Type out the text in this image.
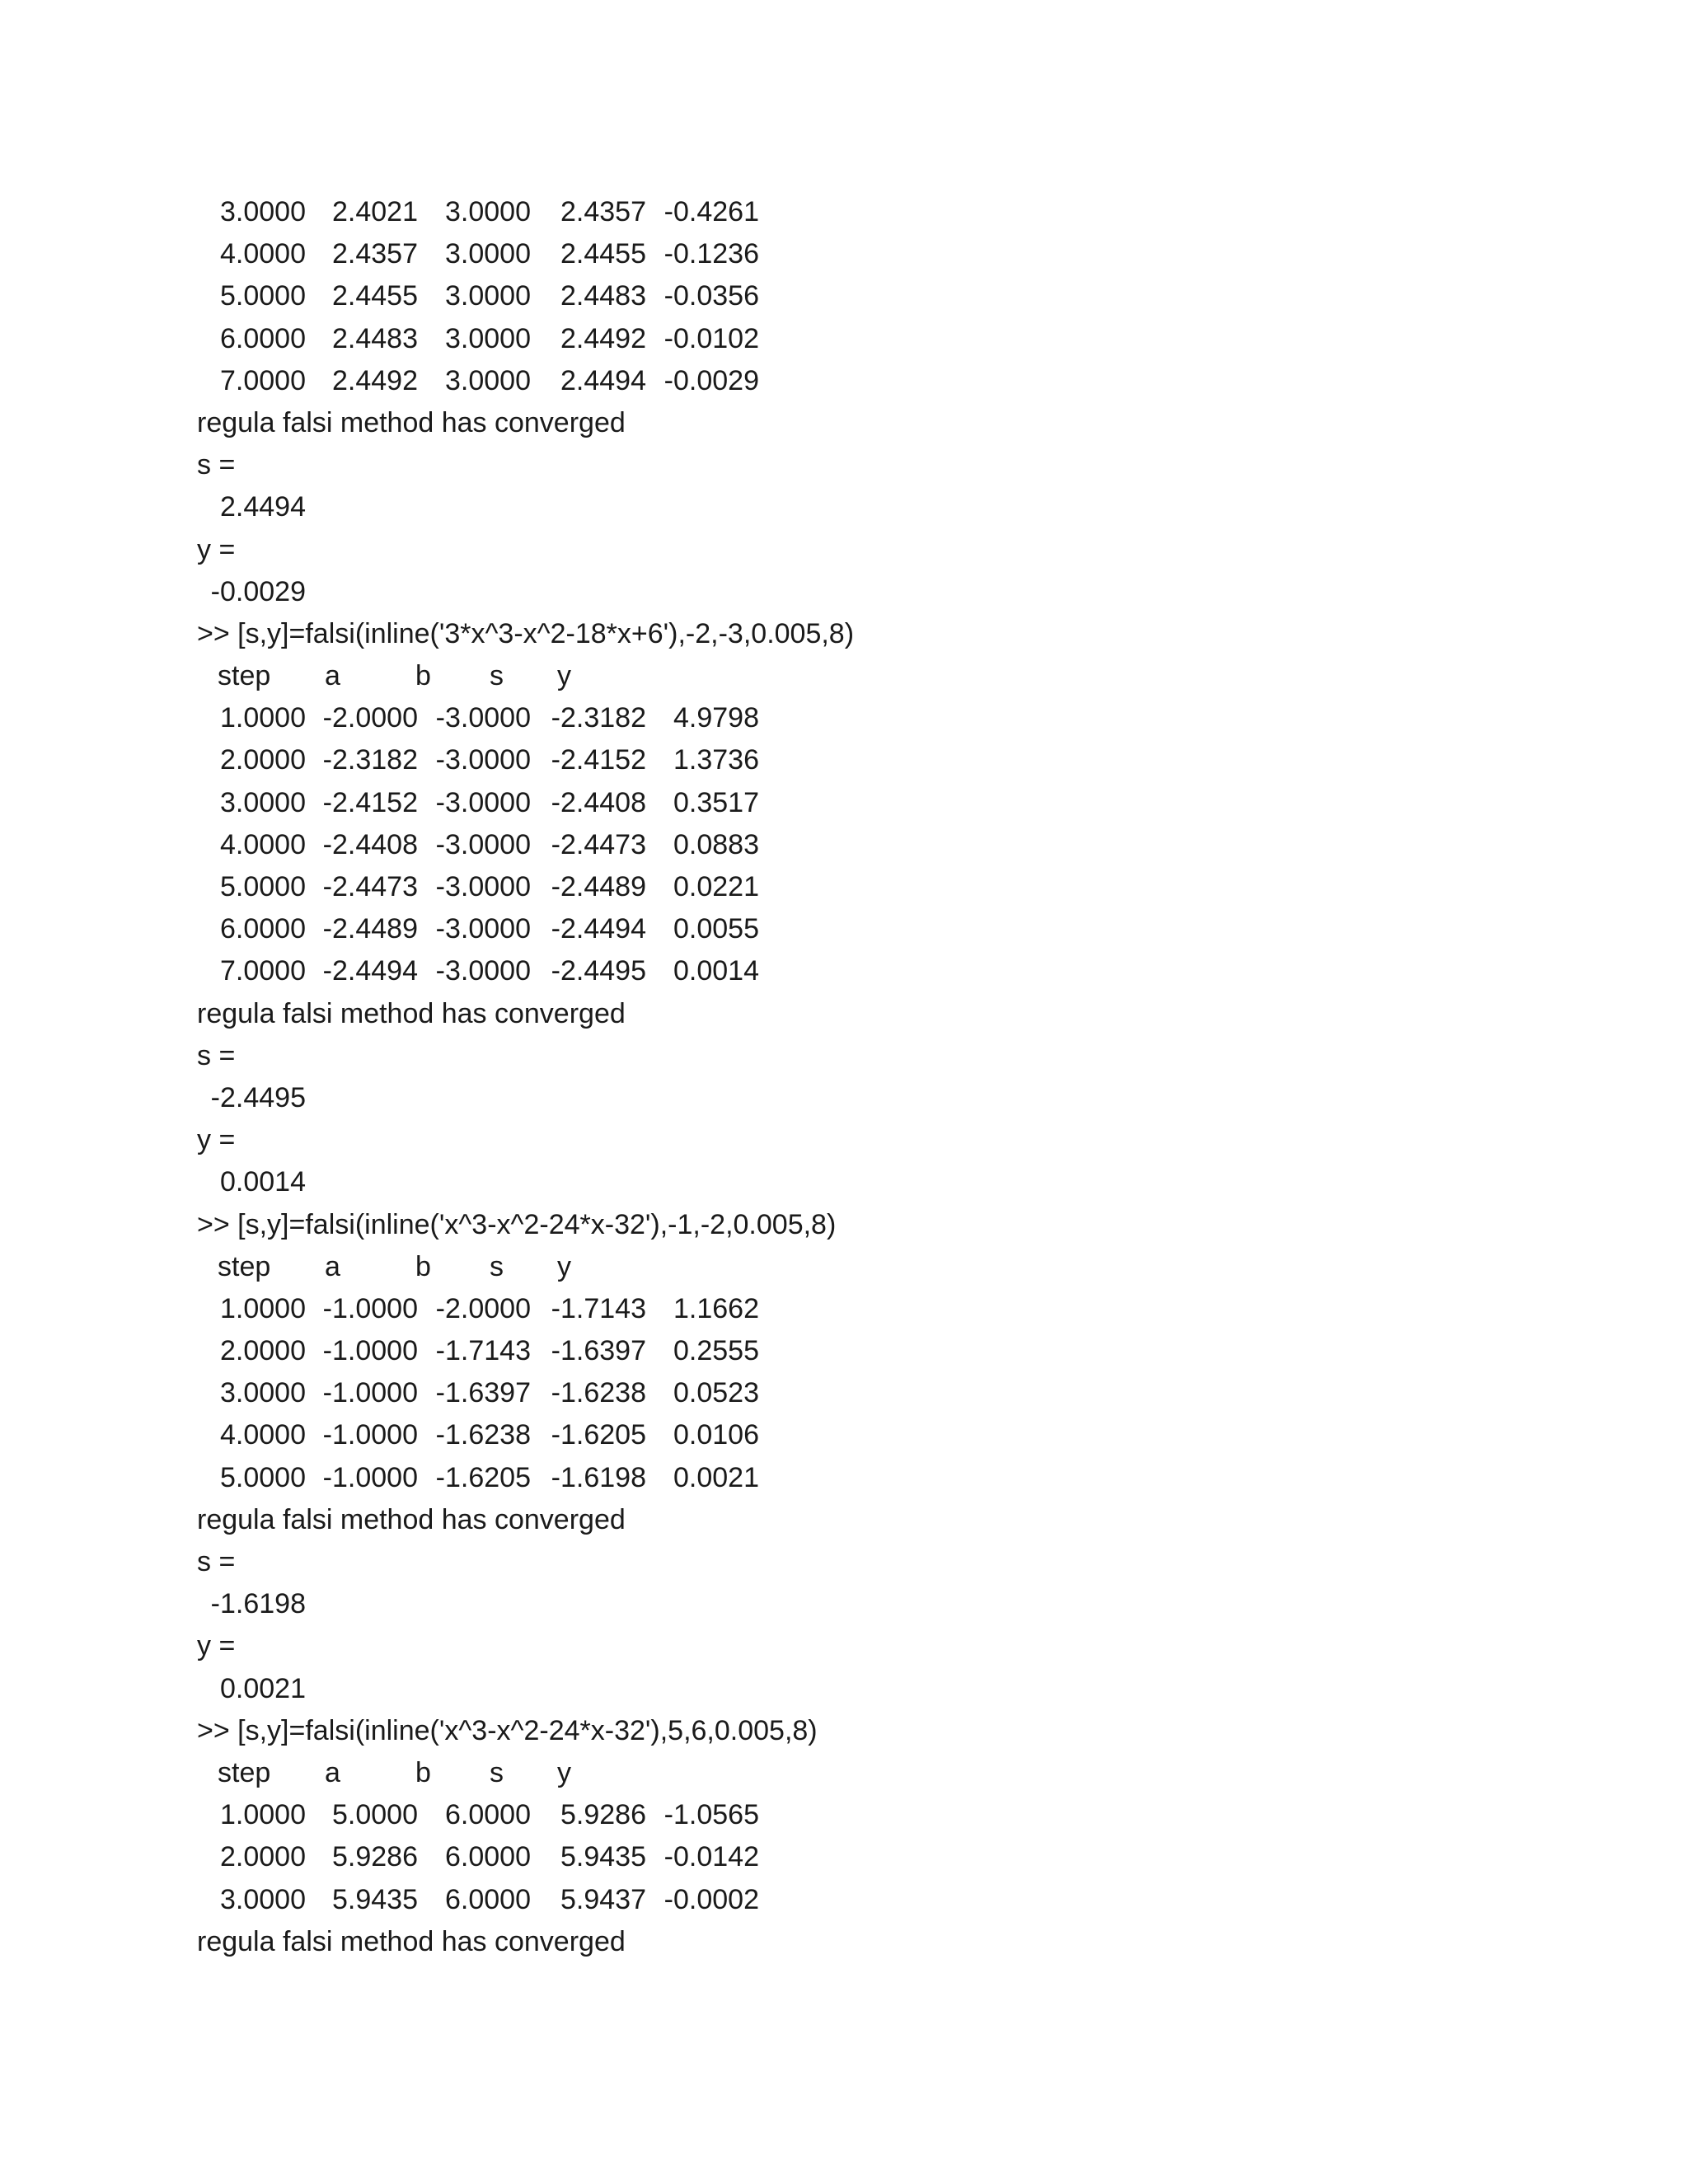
3.0000 2.4021 3.0000 2.4357 -0.4261
4.0000 2.4357 3.0000 2.4455 -0.1236
5.0000 2.4455 3.0000 2.4483 -0.0356
6.0000 2.4483 3.0000 2.4492 -0.0102
7.0000 2.4492 3.0000 2.4494 -0.0029
regula falsi method has converged
s =
2.4494
y =
-0.0029
>> [s,y]=falsi(inline('3*x^3-x^2-18*x+6'),-2,-3,0.005,8)
step a	b s y
1.0000 -2.0000 -3.0000 -2.3182 4.9798
2.0000 -2.3182 -3.0000 -2.4152 1.3736
3.0000 -2.4152 -3.0000 -2.4408 0.3517
4.0000 -2.4408 -3.0000 -2.4473 0.0883
5.0000 -2.4473 -3.0000 -2.4489 0.0221
6.0000 -2.4489 -3.0000 -2.4494 0.0055
7.0000 -2.4494 -3.0000 -2.4495 0.0014
regula falsi method has converged
s =
-2.4495
y =
0.0014
>> [s,y]=falsi(inline('x^3-x^2-24*x-32'),-1,-2,0.005,8)
step a	b s y
1.0000 -1.0000 -2.0000 -1.7143 1.1662
2.0000 -1.0000 -1.7143 -1.6397 0.2555
3.0000 -1.0000 -1.6397 -1.6238 0.0523
4.0000 -1.0000 -1.6238 -1.6205 0.0106
5.0000 -1.0000 -1.6205 -1.6198 0.0021
regula falsi method has converged
s =
-1.6198
y =
0.0021
>> [s,y]=falsi(inline('x^3-x^2-24*x-32'),5,6,0.005,8)
step a	b s y
1.0000 5.0000 6.0000 5.9286 -1.0565
2.0000 5.9286 6.0000 5.9435 -0.0142
3.0000 5.9435 6.0000 5.9437 -0.0002
regula falsi method has converged
